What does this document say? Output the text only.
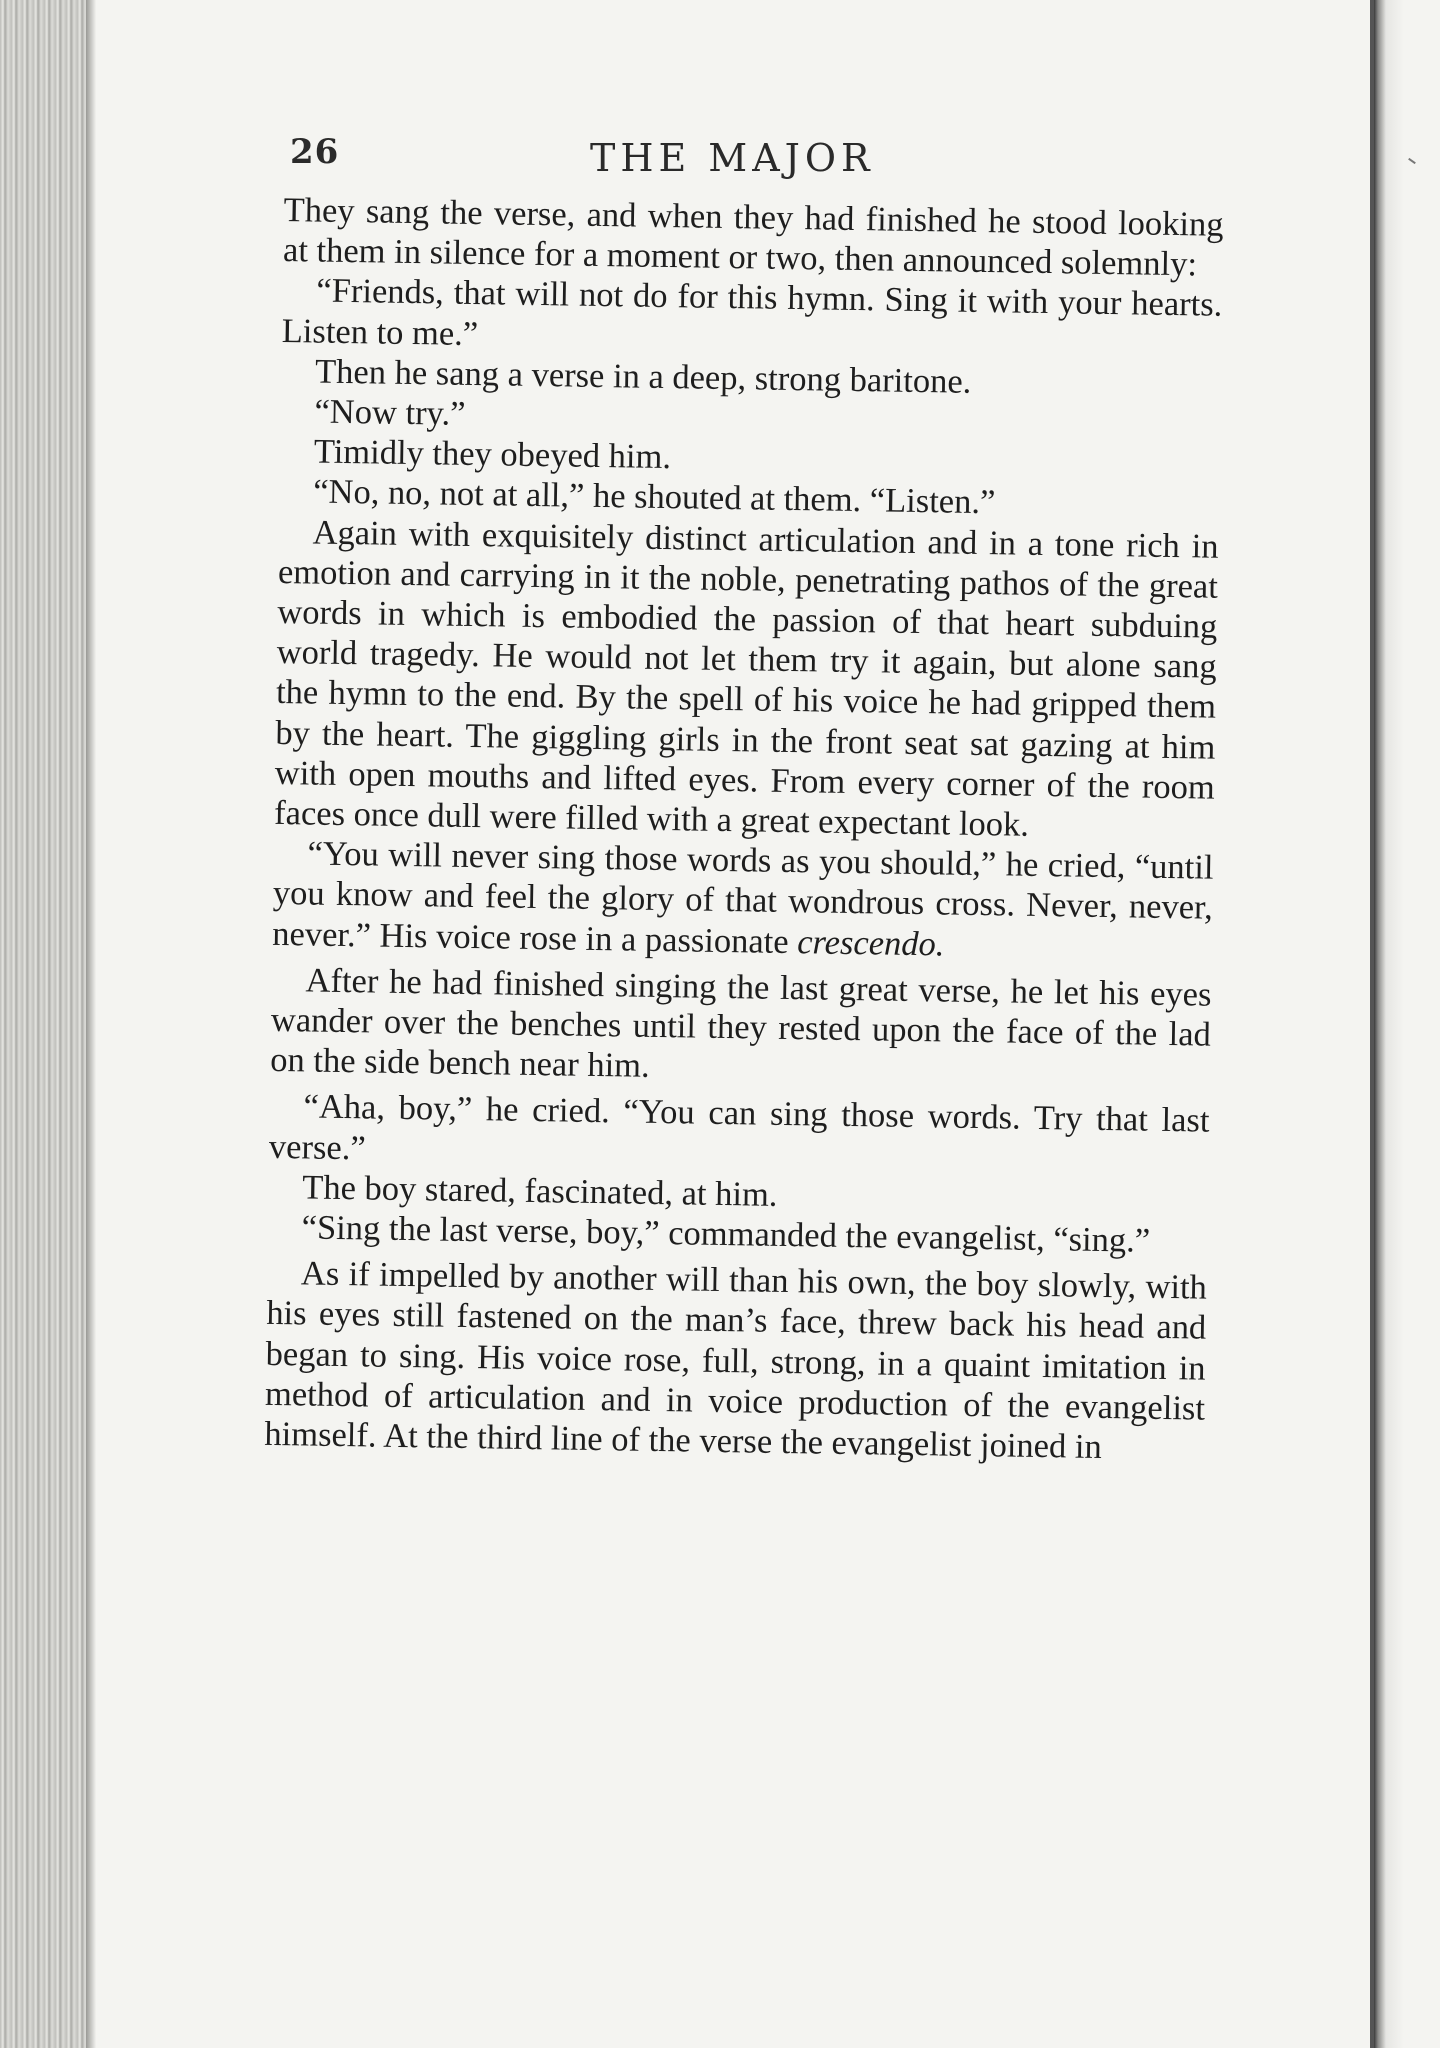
26	THE MAJOR

They sang the verse, and when they had finished he stood looking at them in silence for a moment or two, then announced solemnly:

“Friends, that will not do for this hymn. Sing it with your hearts. Listen to me.”

Then he sang a verse in a deep, strong baritone.

“Now try.”

Timidly they obeyed him.

“No, no, not at all,” he shouted at them. “Listen.”

Again with exquisitely distinct articulation and in a tone rich in emotion and carrying in it the noble, penetrating pathos of the great words in which is embodied the passion of that heart subduing world tragedy. He would not let them try it again, but alone sang the hymn to the end. By the spell of his voice he had gripped them by the heart. The giggling girls in the front seat sat gazing at him with open mouths and lifted eyes. From every corner of the room faces once dull were filled with a great expectant look.

“You will never sing those words as you should,” he cried, “until you know and feel the glory of that wondrous cross. Never, never, never.” His voice rose in a passionate crescendo.

After he had finished singing the last great verse, he let his eyes wander over the benches until they rested upon the face of the lad on the side bench near him.

“Aha, boy,” he cried. “You can sing those words. Try that last verse.”

The boy stared, fascinated, at him.

“Sing the last verse, boy,” commanded the evangelist, “sing.”

As if impelled by another will than his own, the boy slowly, with his eyes still fastened on the man’s face, threw back his head and began to sing. His voice rose, full, strong, in a quaint imitation in method of articulation and in voice production of the evangelist himself. At the third line of the verse the evangelist joined in
